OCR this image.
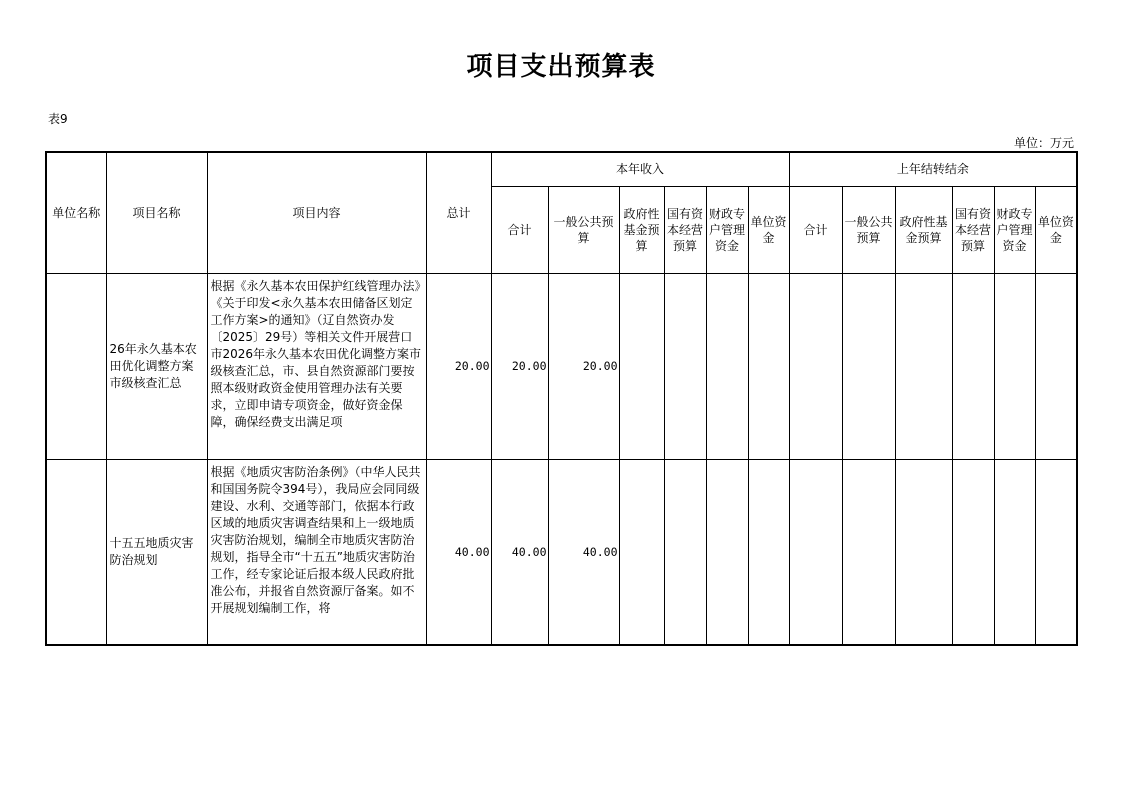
项目支出预算表
表9
单位：万元
单位名称	项目名称	项目内容	总计	本年收入						上年结转结余					
				合计	一般公共预算	政府性基金预算	国有资本经营预算	财政专户管理资金	单位资金	合计	一般公共预算	政府性基金预算	国有资本经营预算	财政专户管理资金	单位资金
	26年永久基本农田优化调整方案市级核查汇总	根据《永久基本农田保护红线管理办法》《关于印发<永久基本农田储备区划定工作方案>的通知》（辽自然资办发〔2025〕29号）等相关文件开展营口市2026年永久基本农田优化调整方案市级核查汇总，市、县自然资源部门要按照本级财政资金使用管理办法有关要求，立即申请专项资金，做好资金保障，确保经费支出满足项	20.00	20.00	20.00										
	十五五地质灾害防治规划	根据《地质灾害防治条例》（中华人民共和国国务院令394号），我局应会同同级建设、水利、交通等部门，依据本行政区域的地质灾害调查结果和上一级地质灾害防治规划，编制全市地质灾害防治规划，指导全市“十五五”地质灾害防治工作，经专家论证后报本级人民政府批准公布，并报省自然资源厅备案。如不开展规划编制工作，将	40.00	40.00	40.00										
